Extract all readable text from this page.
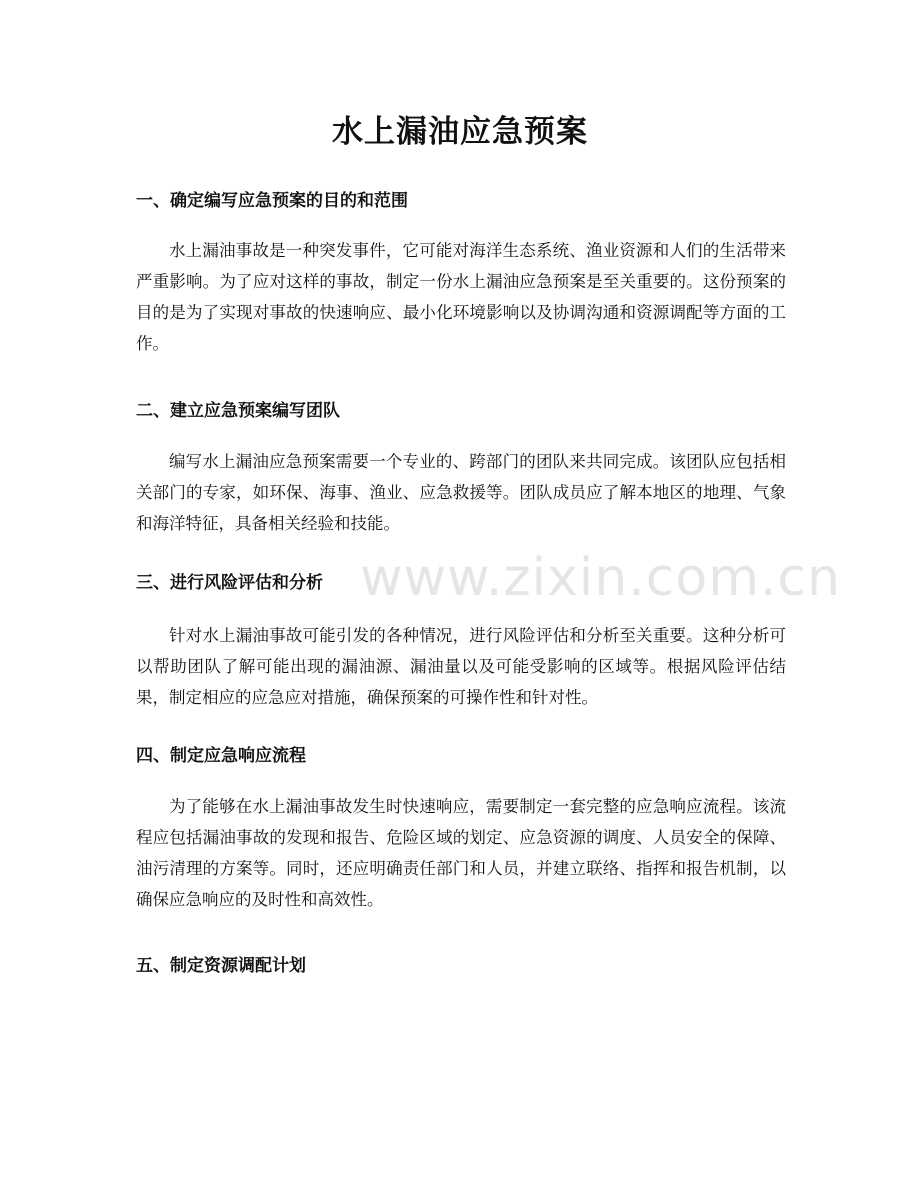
水上漏油应急预案
一、确定编写应急预案的目的和范围

水上漏油事故是一种突发事件，它可能对海洋生态系统、渔业资源和人们的生活带来严重影响。为了应对这样的事故，制定一份水上漏油应急预案是至关重要的。这份预案的目的是为了实现对事故的快速响应、最小化环境影响以及协调沟通和资源调配等方面的工作。

二、建立应急预案编写团队

编写水上漏油应急预案需要一个专业的、跨部门的团队来共同完成。该团队应包括相关部门的专家，如环保、海事、渔业、应急救援等。团队成员应了解本地区的地理、气象和海洋特征，具备相关经验和技能。

三、进行风险评估和分析

针对水上漏油事故可能引发的各种情况，进行风险评估和分析至关重要。这种分析可以帮助团队了解可能出现的漏油源、漏油量以及可能受影响的区域等。根据风险评估结果，制定相应的应急应对措施，确保预案的可操作性和针对性。

四、制定应急响应流程

为了能够在水上漏油事故发生时快速响应，需要制定一套完整的应急响应流程。该流程应包括漏油事故的发现和报告、危险区域的划定、应急资源的调度、人员安全的保障、油污清理的方案等。同时，还应明确责任部门和人员，并建立联络、指挥和报告机制，以确保应急响应的及时性和高效性。

五、制定资源调配计划
www.zixin.com.cn
